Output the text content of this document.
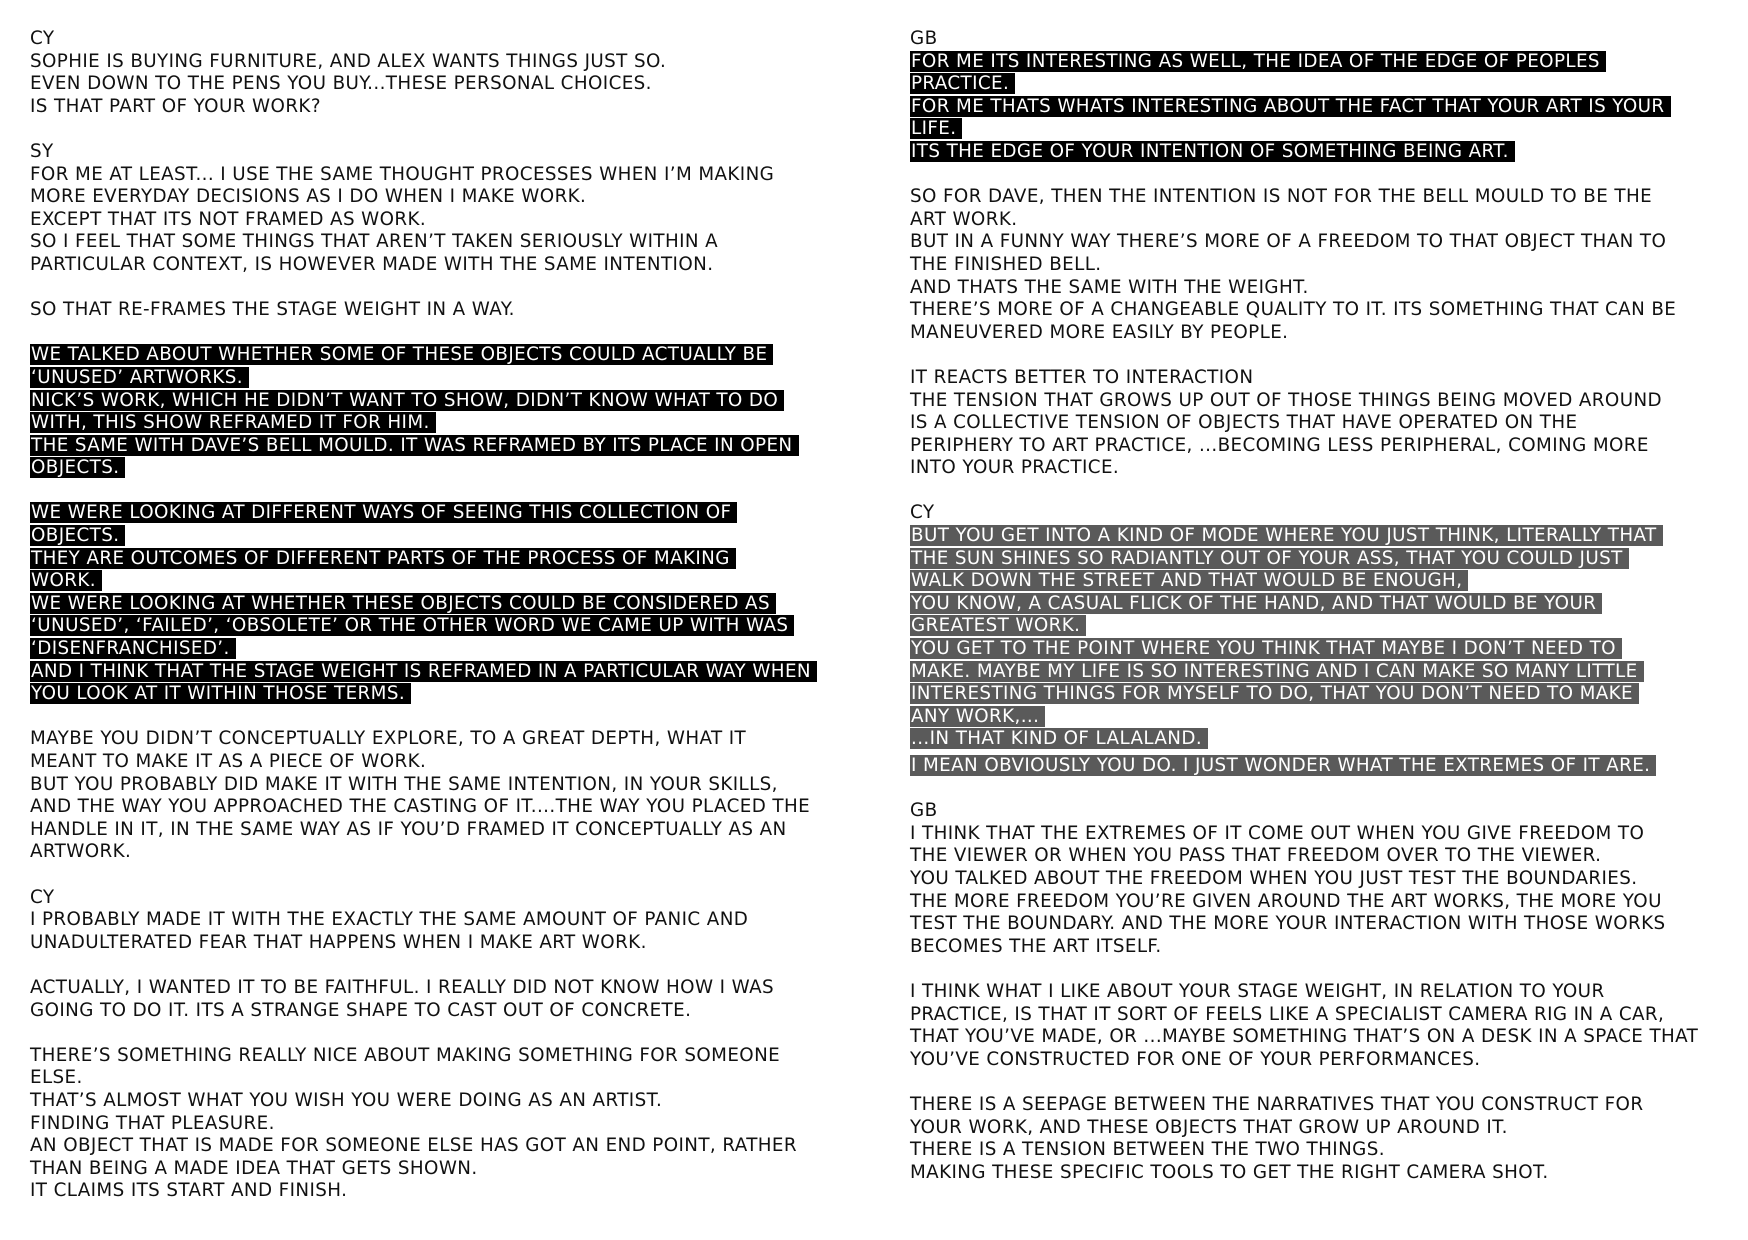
CY
SOPHIE IS BUYING FURNITURE, AND ALEX WANTS THINGS JUST SO.
EVEN DOWN TO THE PENS YOU BUY...THESE PERSONAL CHOICES.
IS THAT PART OF YOUR WORK?
SY
FOR ME AT LEAST... I USE THE SAME THOUGHT PROCESSES WHEN I’M MAKING
MORE EVERYDAY DECISIONS AS I DO WHEN I MAKE WORK.
EXCEPT THAT ITS NOT FRAMED AS WORK.
SO I FEEL THAT SOME THINGS THAT AREN’T TAKEN SERIOUSLY WITHIN A
PARTICULAR CONTEXT, IS HOWEVER MADE WITH THE SAME INTENTION.
SO THAT RE-FRAMES THE STAGE WEIGHT IN A WAY.
WE TALKED ABOUT WHETHER SOME OF THESE OBJECTS COULD ACTUALLY BE
‘UNUSED’ ARTWORKS.
NICK’S WORK, WHICH HE DIDN’T WANT TO SHOW, DIDN’T KNOW WHAT TO DO
WITH, THIS SHOW REFRAMED IT FOR HIM.
THE SAME WITH DAVE’S BELL MOULD. IT WAS REFRAMED BY ITS PLACE IN OPEN
OBJECTS.
WE WERE LOOKING AT DIFFERENT WAYS OF SEEING THIS COLLECTION OF
OBJECTS.
THEY ARE OUTCOMES OF DIFFERENT PARTS OF THE PROCESS OF MAKING
WORK.
WE WERE LOOKING AT WHETHER THESE OBJECTS COULD BE CONSIDERED AS
‘UNUSED’, ‘FAILED’, ‘OBSOLETE’ OR THE OTHER WORD WE CAME UP WITH WAS
‘DISENFRANCHISED’.
AND I THINK THAT THE STAGE WEIGHT IS REFRAMED IN A PARTICULAR WAY WHEN
YOU LOOK AT IT WITHIN THOSE TERMS.
MAYBE YOU DIDN’T CONCEPTUALLY EXPLORE, TO A GREAT DEPTH, WHAT IT
MEANT TO MAKE IT AS A PIECE OF WORK.
BUT YOU PROBABLY DID MAKE IT WITH THE SAME INTENTION, IN YOUR SKILLS,
AND THE WAY YOU APPROACHED THE CASTING OF IT....THE WAY YOU PLACED THE
HANDLE IN IT, IN THE SAME WAY AS IF YOU’D FRAMED IT CONCEPTUALLY AS AN
ARTWORK.
CY
I PROBABLY MADE IT WITH THE EXACTLY THE SAME AMOUNT OF PANIC AND
UNADULTERATED FEAR THAT HAPPENS WHEN I MAKE ART WORK.
ACTUALLY, I WANTED IT TO BE FAITHFUL. I REALLY DID NOT KNOW HOW I WAS
GOING TO DO IT. ITS A STRANGE SHAPE TO CAST OUT OF CONCRETE.
THERE’S SOMETHING REALLY NICE ABOUT MAKING SOMETHING FOR SOMEONE
ELSE.
THAT’S ALMOST WHAT YOU WISH YOU WERE DOING AS AN ARTIST.
FINDING THAT PLEASURE.
AN OBJECT THAT IS MADE FOR SOMEONE ELSE HAS GOT AN END POINT, RATHER
THAN BEING A MADE IDEA THAT GETS SHOWN.
IT CLAIMS ITS START AND FINISH.
GB
FOR ME ITS INTERESTING AS WELL, THE IDEA OF THE EDGE OF PEOPLES
PRACTICE.
FOR ME THATS WHATS INTERESTING ABOUT THE FACT THAT YOUR ART IS YOUR
LIFE.
ITS THE EDGE OF YOUR INTENTION OF SOMETHING BEING ART.
SO FOR DAVE, THEN THE INTENTION IS NOT FOR THE BELL MOULD TO BE THE
ART WORK.
BUT IN A FUNNY WAY THERE’S MORE OF A FREEDOM TO THAT OBJECT THAN TO
THE FINISHED BELL.
AND THATS THE SAME WITH THE WEIGHT.
THERE’S MORE OF A CHANGEABLE QUALITY TO IT. ITS SOMETHING THAT CAN BE
MANEUVERED MORE EASILY BY PEOPLE.
IT REACTS BETTER TO INTERACTION
THE TENSION THAT GROWS UP OUT OF THOSE THINGS BEING MOVED AROUND
IS A COLLECTIVE TENSION OF OBJECTS THAT HAVE OPERATED ON THE
PERIPHERY TO ART PRACTICE, ...BECOMING LESS PERIPHERAL, COMING MORE
INTO YOUR PRACTICE.
CY
BUT YOU GET INTO A KIND OF MODE WHERE YOU JUST THINK, LITERALLY THAT
THE SUN SHINES SO RADIANTLY OUT OF YOUR ASS, THAT YOU COULD JUST
WALK DOWN THE STREET AND THAT WOULD BE ENOUGH,
YOU KNOW, A CASUAL FLICK OF THE HAND, AND THAT WOULD BE YOUR
GREATEST WORK.
YOU GET TO THE POINT WHERE YOU THINK THAT MAYBE I DON’T NEED TO
MAKE. MAYBE MY LIFE IS SO INTERESTING AND I CAN MAKE SO MANY LITTLE
INTERESTING THINGS FOR MYSELF TO DO, THAT YOU DON’T NEED TO MAKE
ANY WORK,...
...IN THAT KIND OF LALALAND.
I MEAN OBVIOUSLY YOU DO. I JUST WONDER WHAT THE EXTREMES OF IT ARE.
GB
I THINK THAT THE EXTREMES OF IT COME OUT WHEN YOU GIVE FREEDOM TO
THE VIEWER OR WHEN YOU PASS THAT FREEDOM OVER TO THE VIEWER.
YOU TALKED ABOUT THE FREEDOM WHEN YOU JUST TEST THE BOUNDARIES.
THE MORE FREEDOM YOU’RE GIVEN AROUND THE ART WORKS, THE MORE YOU
TEST THE BOUNDARY. AND THE MORE YOUR INTERACTION WITH THOSE WORKS
BECOMES THE ART ITSELF.
I THINK WHAT I LIKE ABOUT YOUR STAGE WEIGHT, IN RELATION TO YOUR
PRACTICE, IS THAT IT SORT OF FEELS LIKE A SPECIALIST CAMERA RIG IN A CAR,
THAT YOU’VE MADE, OR ...MAYBE SOMETHING THAT’S ON A DESK IN A SPACE THAT
YOU’VE CONSTRUCTED FOR ONE OF YOUR PERFORMANCES.
THERE IS A SEEPAGE BETWEEN THE NARRATIVES THAT YOU CONSTRUCT FOR
YOUR WORK, AND THESE OBJECTS THAT GROW UP AROUND IT.
THERE IS A TENSION BETWEEN THE TWO THINGS.
MAKING THESE SPECIFIC TOOLS TO GET THE RIGHT CAMERA SHOT.
